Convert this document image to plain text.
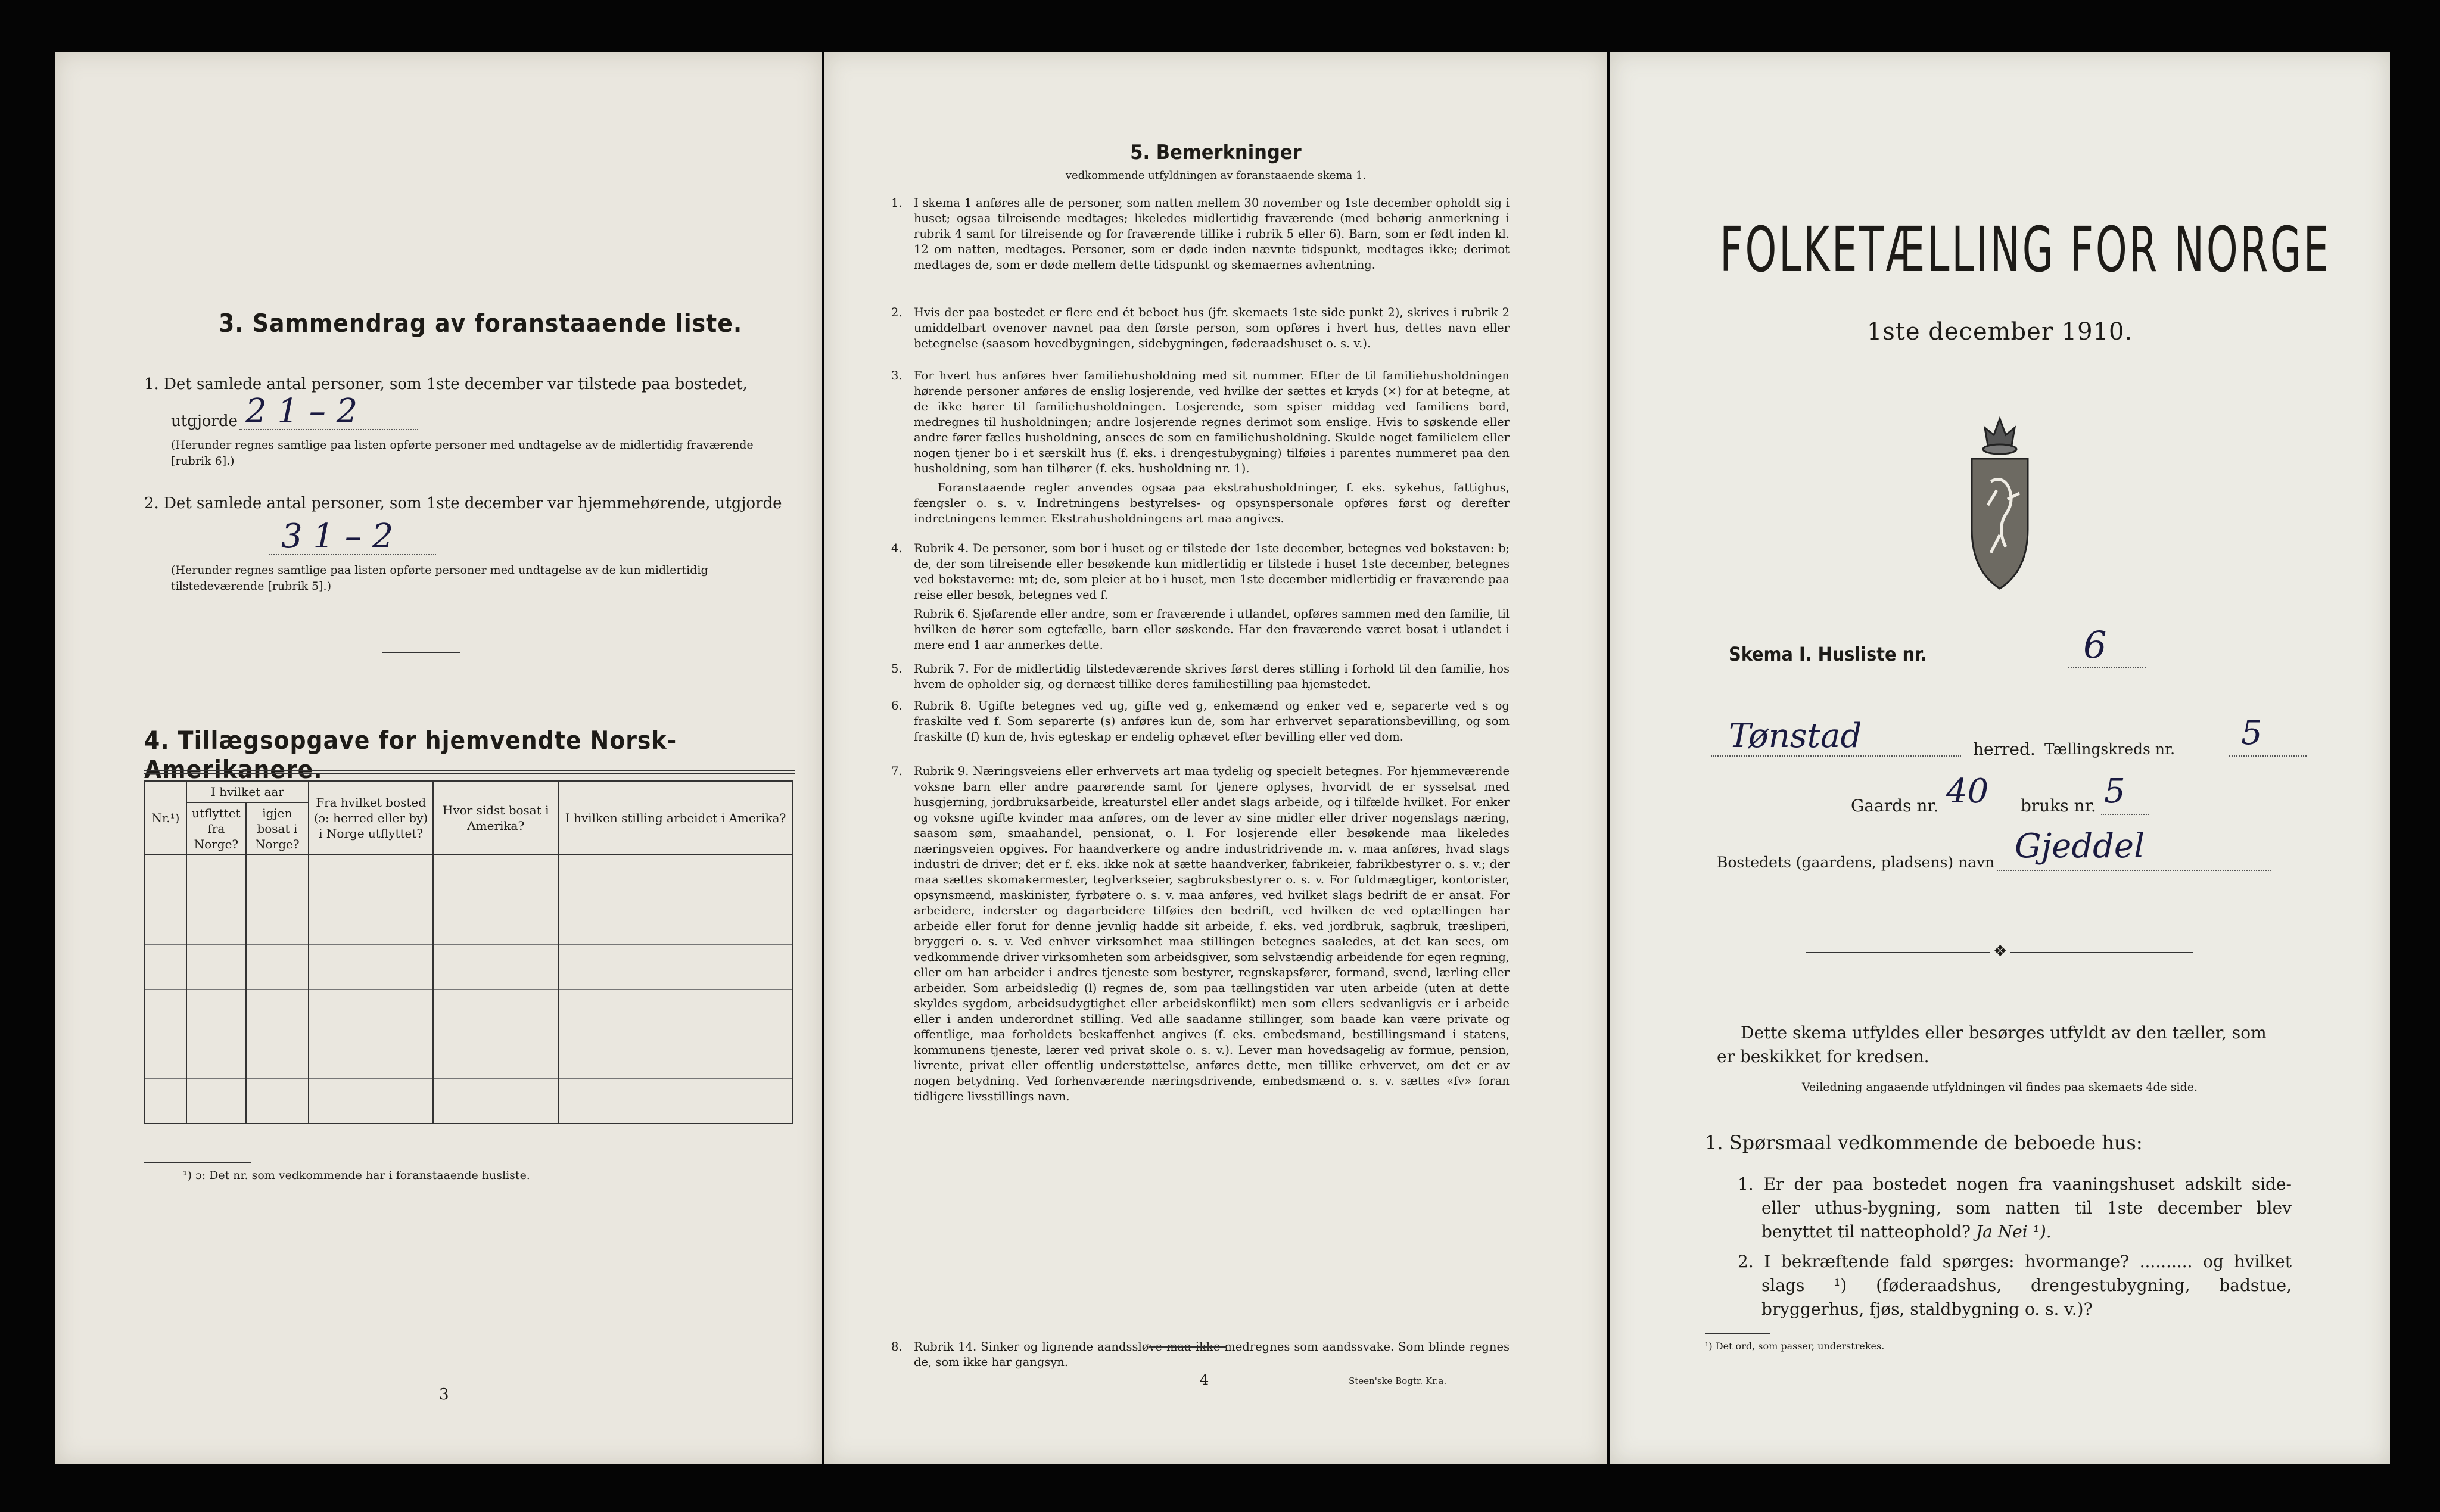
3. Sammendrag av foranstaaende liste.
1. Det samlede antal personer, som 1ste december var tilstede paa bostedet,
utgjorde 2 1 – 2
(Herunder regnes samtlige paa listen opførte personer med undtagelse av de midlertidig fraværende [rubrik 6].)
2. Det samlede antal personer, som 1ste december var hjemmehørende, utgjorde
3 1 – 2
(Herunder regnes samtlige paa listen opførte personer med undtagelse av de kun midlertidig tilstedeværende [rubrik 5].)
4. Tillægsopgave for hjemvendte Norsk-Amerikanere.
Nr.¹)	I hvilket aar		Fra hvilket bosted (ɔ: herred eller by) i Norge utflyttet?	Hvor sidst bosat i Amerika?	I hvilken stilling arbeidet i Amerika?
	utflyttet fra Norge?	igjen bosat i Norge?			

¹) ɔ: Det nr. som vedkommende har i foranstaaende husliste.
3
5. Bemerkninger
vedkommende utfyldningen av foranstaaende skema 1.
1. I skema 1 anføres alle de personer, som natten mellem 30 november og 1ste december opholdt sig i huset; ogsaa tilreisende medtages; likeledes midlertidig fraværende (med behørig anmerkning i rubrik 4 samt for tilreisende og for fraværende tillike i rubrik 5 eller 6). Barn, som er født inden kl. 12 om natten, medtages. Personer, som er døde inden nævnte tidspunkt, medtages ikke; derimot medtages de, som er døde mellem dette tidspunkt og skemaernes avhentning.
2. Hvis der paa bostedet er flere end ét beboet hus (jfr. skemaets 1ste side punkt 2), skrives i rubrik 2 umiddelbart ovenover navnet paa den første person, som opføres i hvert hus, dettes navn eller betegnelse (saasom hovedbygningen, sidebygningen, føderaadshuset o. s. v.).
3. For hvert hus anføres hver familiehusholdning med sit nummer. Efter de til familiehusholdningen hørende personer anføres de enslig losjerende, ved hvilke der sættes et kryds (×) for at betegne, at de ikke hører til familiehusholdningen. Losjerende, som spiser middag ved familiens bord, medregnes til husholdningen; andre losjerende regnes derimot som enslige. Hvis to søskende eller andre fører fælles husholdning, ansees de som en familiehusholdning. Skulde noget familielem eller nogen tjener bo i et særskilt hus (f. eks. i drengestubygning) tilføies i parentes nummeret paa den husholdning, som han tilhører (f. eks. husholdning nr. 1).
Foranstaaende regler anvendes ogsaa paa ekstrahusholdninger, f. eks. sykehus, fattighus, fængsler o. s. v. Indretningens bestyrelses- og opsynspersonale opføres først og derefter indretningens lemmer. Ekstrahusholdningens art maa angives.
4. Rubrik 4. De personer, som bor i huset og er tilstede der 1ste december, betegnes ved bokstaven: b; de, der som tilreisende eller besøkende kun midlertidig er tilstede i huset 1ste december, betegnes ved bokstaverne: mt; de, som pleier at bo i huset, men 1ste december midlertidig er fraværende paa reise eller besøk, betegnes ved f.
Rubrik 6. Sjøfarende eller andre, som er fraværende i utlandet, opføres sammen med den familie, til hvilken de hører som egtefælle, barn eller søskende. Har den fraværende været bosat i utlandet i mere end 1 aar anmerkes dette.
5. Rubrik 7. For de midlertidig tilstedeværende skrives først deres stilling i forhold til den familie, hos hvem de opholder sig, og dernæst tillike deres familiestilling paa hjemstedet.
6. Rubrik 8. Ugifte betegnes ved ug, gifte ved g, enkemænd og enker ved e, separerte ved s og fraskilte ved f. Som separerte (s) anføres kun de, som har erhvervet separationsbevilling, og som fraskilte (f) kun de, hvis egteskap er endelig ophævet efter bevilling eller ved dom.
7. Rubrik 9. Næringsveiens eller erhvervets art maa tydelig og specielt betegnes. For hjemmeværende voksne barn eller andre paarørende samt for tjenere oplyses, hvorvidt de er sysselsat med husgjerning, jordbruksarbeide, kreaturstel eller andet slags arbeide, og i tilfælde hvilket. For enker og voksne ugifte kvinder maa anføres, om de lever av sine midler eller driver nogenslags næring, saasom søm, smaahandel, pensionat, o. l. For losjerende eller besøkende maa likeledes næringsveien opgives. For haandverkere og andre industridrivende m. v. maa anføres, hvad slags industri de driver; det er f. eks. ikke nok at sætte haandverker, fabrikeier, fabrikbestyrer o. s. v.; der maa sættes skomakermester, teglverkseier, sagbruksbestyrer o. s. v. For fuldmægtiger, kontorister, opsynsmænd, maskinister, fyrbøtere o. s. v. maa anføres, ved hvilket slags bedrift de er ansat. For arbeidere, inderster og dagarbeidere tilføies den bedrift, ved hvilken de ved optællingen har arbeide eller forut for denne jevnlig hadde sit arbeide, f. eks. ved jordbruk, sagbruk, træsliperi, bryggeri o. s. v. Ved enhver virksomhet maa stillingen betegnes saaledes, at det kan sees, om vedkommende driver virksomheten som arbeidsgiver, som selvstændig arbeidende for egen regning, eller om han arbeider i andres tjeneste som bestyrer, regnskapsfører, formand, svend, lærling eller arbeider. Som arbeidsledig (l) regnes de, som paa tællingstiden var uten arbeide (uten at dette skyldes sygdom, arbeidsudygtighet eller arbeidskonflikt) men som ellers sedvanligvis er i arbeide eller i anden underordnet stilling. Ved alle saadanne stillinger, som baade kan være private og offentlige, maa forholdets beskaffenhet angives (f. eks. embedsmand, bestillingsmand i statens, kommunens tjeneste, lærer ved privat skole o. s. v.). Lever man hovedsagelig av formue, pension, livrente, privat eller offentlig understøttelse, anføres dette, men tillike erhvervet, om det er av nogen betydning. Ved forhenværende næringsdrivende, embedsmænd o. s. v. sættes «fv» foran tidligere livsstillings navn.
8. Rubrik 14. Sinker og lignende aandssløve maa ikke medregnes som aandssvake. Som blinde regnes de, som ikke har gangsyn.
4	Steen'ske Bogtr. Kr.a.
FOLKETÆLLING FOR NORGE
1ste december 1910.
Skema I. Husliste nr.	6
Tønstad	herred. Tællingskreds nr. 5
Gaards nr. 40 bruks nr. 5
Bostedets (gaardens, pladsens) navn Gjeddel
❖
Dette skema utfyldes eller besørges utfyldt av den tæller, som er beskikket for kredsen.
Veiledning angaaende utfyldningen vil findes paa skemaets 4de side.
1. Spørsmaal vedkommende de beboede hus:
1. Er der paa bostedet nogen fra vaaningshuset adskilt side- eller uthus-bygning, som natten til 1ste december blev benyttet til natteophold? Ja Nei ¹).
2. I bekræftende fald spørges: hvormange? .......... og hvilket slags ¹) (føderaadshus, drengestubygning, badstue, bryggerhus, fjøs, staldbygning o. s. v.)?
¹) Det ord, som passer, understrekes.
